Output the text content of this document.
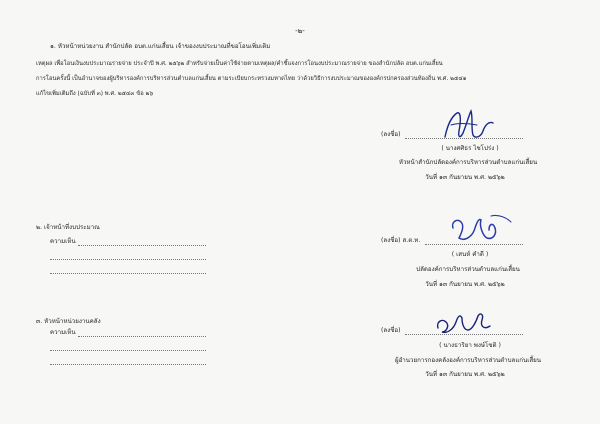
-๒-
๑. หัวหน้าหน่วยงาน สำนักปลัด อบต.แก่นเสี้ยน เจ้าของงบประมาณที่ขอโอนเพิ่มเติม
เหตุผล เพื่อโอนเงินงบประมาณรายจ่าย ประจำปี พ.ศ. ๒๕๖๒ สำหรับจ่ายเป็นค่าใช้จ่ายตามเหตุผล/คำชี้แจงการโอนงบประมาณรายจ่าย ของสำนักปลัด อบต.แก่นเสี้ยน
การโอนครั้งนี้ เป็นอำนาจของผู้บริหารองค์การบริหารส่วนตำบลแก่นเสี้ยน ตามระเบียบกระทรวงมหาดไทย ว่าด้วยวิธีการงบประมาณขององค์กรปกครองส่วนท้องถิ่น พ.ศ. ๒๕๔๑
แก้ไขเพิ่มเติมถึง (ฉบับที่ ๓) พ.ศ. ๒๕๔๓ ข้อ ๒๖
(ลงชื่อ)
( นางศศิธร ไชโปร่ง )
หัวหน้าสำนักปลัดองค์การบริหารส่วนตำบลแก่นเสี้ยน
วันที่ ๑๓ กันยายน พ.ศ. ๒๕๖๒
๒. เจ้าหน้าที่งบประมาณ
ความเห็น	(ลงชื่อ) ส.ต.ท.
( เสนห์ คำดี )
ปลัดองค์การบริหารส่วนตำบลแก่นเสี้ยน
วันที่ ๑๓ กันยายน พ.ศ. ๒๕๖๒
๓. หัวหน้าหน่วยงานคลัง
ความเห็น	(ลงชื่อ)
( นางธาริยา พงษ์โชติ )
ผู้อำนวยการกองคลังองค์การบริหารส่วนตำบลแก่นเสี้ยน
วันที่ ๑๓ กันยายน พ.ศ. ๒๕๖๒
